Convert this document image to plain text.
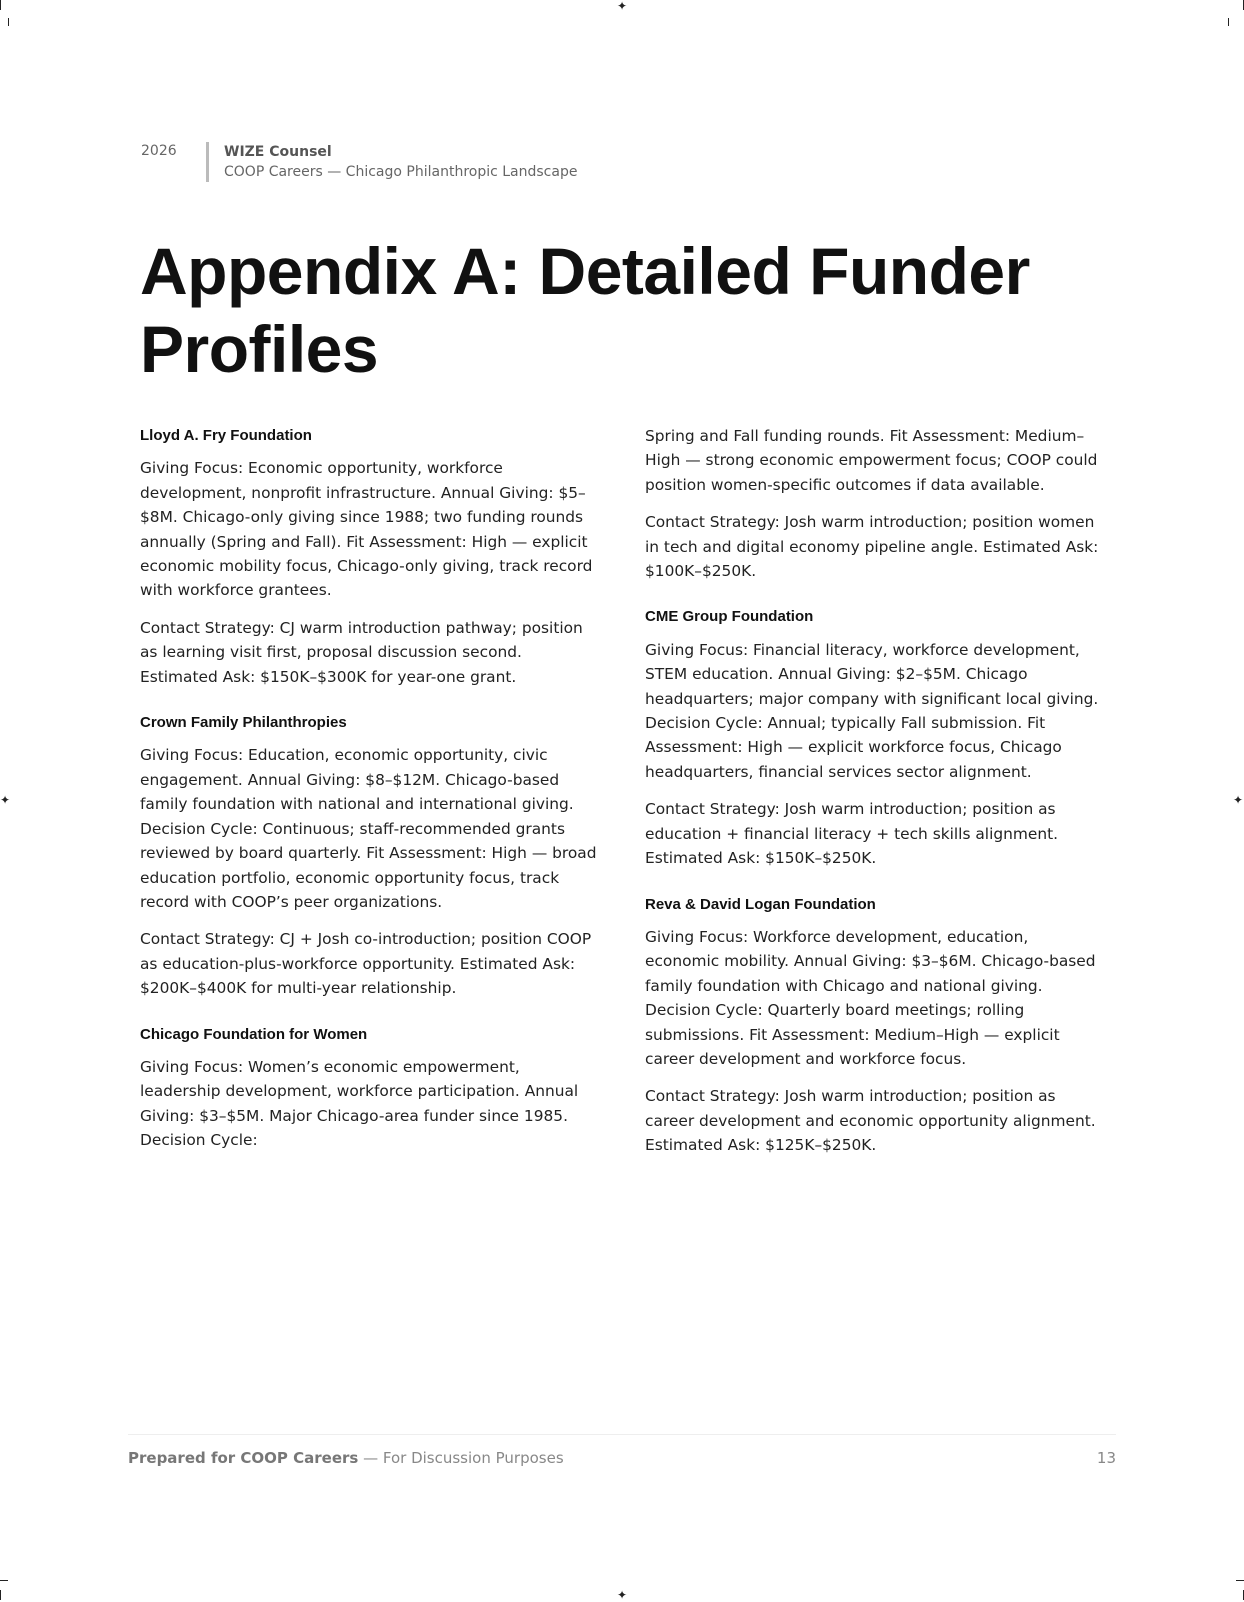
✦
✦
✦	✦
2026	WIZE Counsel
COOP Careers — Chicago Philanthropic Landscape
Appendix A: Detailed Funder Profiles
Lloyd A. Fry Foundation

Giving Focus: Economic opportunity, workforce development, nonprofit infrastructure. Annual Giving: $5–$8M. Chicago-only giving since 1988; two funding rounds annually (Spring and Fall). Fit Assessment: High — explicit economic mobility focus, Chicago-only giving, track record with workforce grantees.

Contact Strategy: CJ warm introduction pathway; position as learning visit first, proposal discussion second. Estimated Ask: $150K–$300K for year-one grant.

Crown Family Philanthropies

Giving Focus: Education, economic opportunity, civic engagement. Annual Giving: $8–$12M. Chicago-based family foundation with national and international giving. Decision Cycle: Continuous; staff-recommended grants reviewed by board quarterly. Fit Assessment: High — broad education portfolio, economic opportunity focus, track record with COOP’s peer organizations.

Contact Strategy: CJ + Josh co-introduction; position COOP as education-plus-workforce opportunity. Estimated Ask: $200K–$400K for multi-year relationship.

Chicago Foundation for Women

Giving Focus: Women’s economic empowerment, leadership development, workforce participation. Annual Giving: $3–$5M. Major Chicago-area funder since 1985. Decision Cycle:

Spring and Fall funding rounds. Fit Assessment: Medium–High — strong economic empowerment focus; COOP could position women-specific outcomes if data available.

Contact Strategy: Josh warm introduction; position women in tech and digital economy pipeline angle. Estimated Ask: $100K–$250K.

CME Group Foundation

Giving Focus: Financial literacy, workforce development, STEM education. Annual Giving: $2–$5M. Chicago headquarters; major company with significant local giving. Decision Cycle: Annual; typically Fall submission. Fit Assessment: High — explicit workforce focus, Chicago headquarters, financial services sector alignment.

Contact Strategy: Josh warm introduction; position as education + financial literacy + tech skills alignment. Estimated Ask: $150K–$250K.

Reva & David Logan Foundation

Giving Focus: Workforce development, education, economic mobility. Annual Giving: $3–$6M. Chicago-based family foundation with Chicago and national giving. Decision Cycle: Quarterly board meetings; rolling submissions. Fit Assessment: Medium–High — explicit career development and workforce focus.

Contact Strategy: Josh warm introduction; position as career development and economic opportunity alignment. Estimated Ask: $125K–$250K.

Prepared for COOP Careers — For Discussion Purposes	13
